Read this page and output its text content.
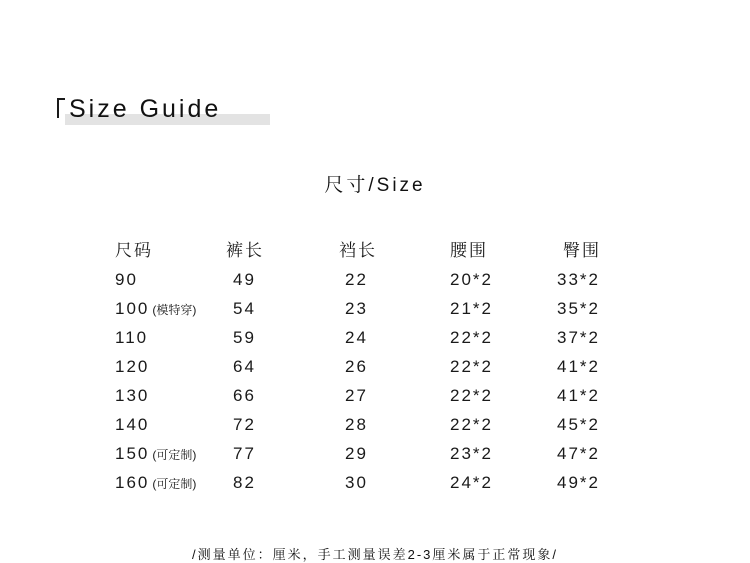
Size Guide
尺寸/Size
尺码	裤长	裆长	腰围	臀围
90	49	22	20*2	33*2
100 (模特穿) 54	23	21*2	35*2
110	59	24	22*2	37*2
120	64	26	22*2	41*2
130	66	27	22*2	41*2
140	72	28	22*2	45*2
150 (可定制) 77	29	23*2	47*2
160 (可定制) 82	30	24*2	49*2
/测量单位：厘米，手工测量误差2-3厘米属于正常现象/
